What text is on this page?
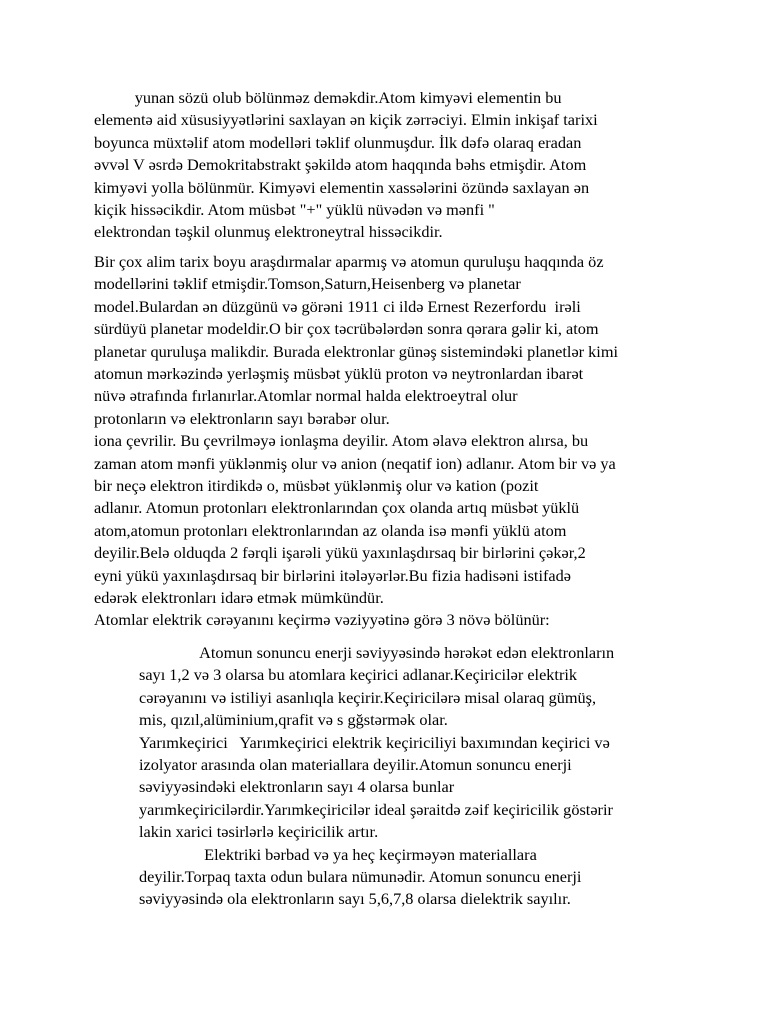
yunan sözü olub bölünməz deməkdir.Atom kimyəvi elementin bu
elementə aid xüsusiyyətlərini saxlayan ən kiçik zərrəciyi. Elmin inkişaf tarixi
boyunca müxtəlif atom modelləri təklif olunmuşdur. İlk dəfə olaraq eradan
əvvəl V əsrdə Demokritabstrakt şəkildə atom haqqında bəhs etmişdir. Atom
kimyəvi yolla bölünmür. Kimyəvi elementin xassələrini özündə saxlayan ən
kiçik hissəcikdir. Atom müsbət "+" yüklü nüvədən və mənfi "
elektrondan təşkil olunmuş elektroneytral hissəcikdir.
Bir çox alim tarix boyu araşdırmalar aparmış və atomun quruluşu haqqında öz
modellərini təklif etmişdir.Tomson,Saturn,Heisenberg və planetar
model.Bulardan ən düzgünü və görəni 1911 ci ildə Ernest Rezerfordu  irəli
sürdüyü planetar modeldir.O bir çox təcrübələrdən sonra qərara gəlir ki, atom
planetar quruluşa malikdir. Burada elektronlar günəş sistemindəki planetlər kimi
atomun mərkəzində yerləşmiş müsbət yüklü proton və neytronlardan ibarət
nüvə ətrafında fırlanırlar.Atomlar normal halda elektroeytral olur
protonların və elektronların sayı bərabər olur.
iona çevrilir. Bu çevrilməyə ionlaşma deyilir. Atom əlavə elektron alırsa, bu
zaman atom mənfi yüklənmiş olur və anion (neqatif ion) adlanır. Atom bir və ya
bir neçə elektron itirdikdə o, müsbət yüklənmiş olur və kation (pozit
adlanır. Atomun protonları elektronlarından çox olanda artıq müsbət yüklü
atom,atomun protonları elektronlarından az olanda isə mənfi yüklü atom
deyilir.Belə olduqda 2 fərqli işarəli yükü yaxınlaşdırsaq bir birlərini çəkər,2
eyni yükü yaxınlaşdırsaq bir birlərini itələyərlər.Bu fizia hadisəni istifadə
edərək elektronları idarə etmək mümkündür.
Atomlar elektrik cərəyanını keçirmə vəziyyətinə görə 3 növə bölünür:
Atomun sonuncu enerji səviyyəsində hərəkət edən elektronların
sayı 1,2 və 3 olarsa bu atomlara keçirici adlanar.Keçiricilər elektrik
cərəyanını və istiliyi asanlıqla keçirir.Keçiricilərə misal olaraq gümüş,
mis, qızıl,alüminium,qrafit və s gğstərmək olar.
Yarımkeçirici   Yarımkeçirici elektrik keçiriciliyi baxımından keçirici və
izolyator arasında olan materiallara deyilir.Atomun sonuncu enerji
səviyyəsindəki elektronların sayı 4 olarsa bunlar
yarımkeçiricilərdir.Yarımkeçiricilər ideal şəraitdə zəif keçiricilik göstərir
lakin xarici təsirlərlə keçiricilik artır.
Elektriki bərbad və ya heç keçirməyən materiallara
deyilir.Torpaq taxta odun bulara nümunədir. Atomun sonuncu enerji
səviyyəsində ola elektronların sayı 5,6,7,8 olarsa dielektrik sayılır.
